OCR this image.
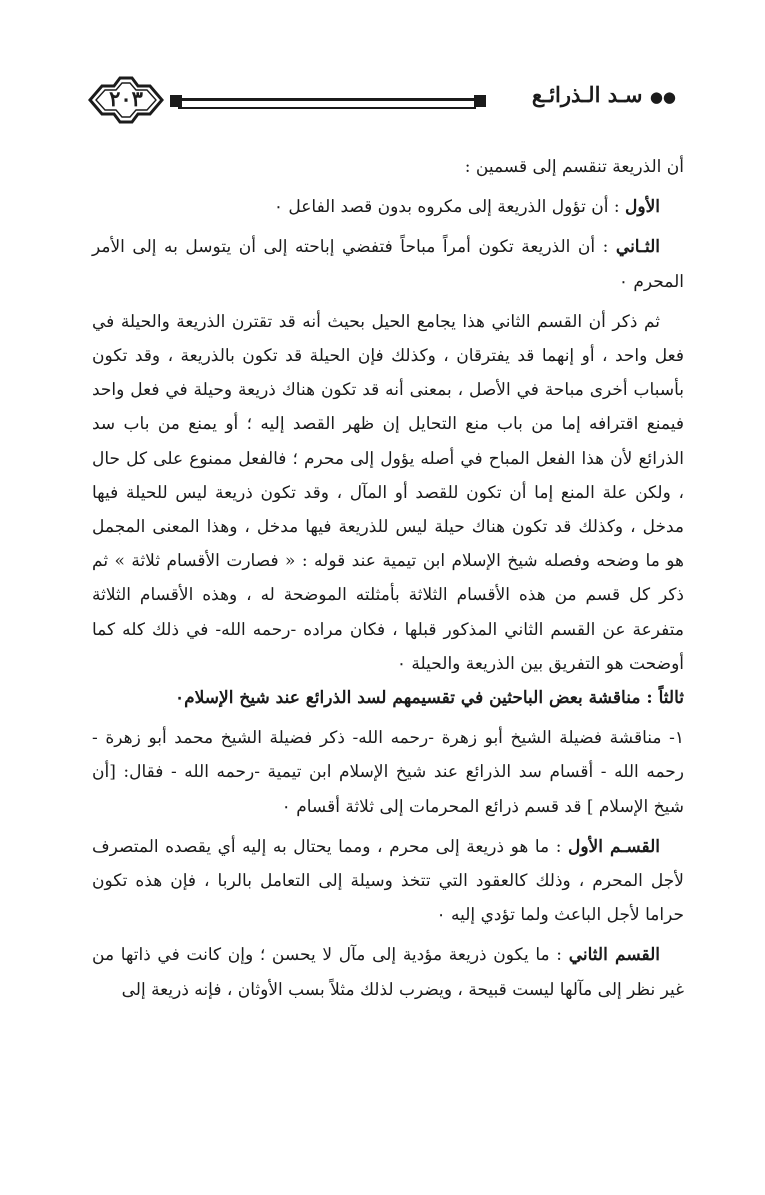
●● سـد الـذرائـع
٢٠٣

أن الذريعة تنقسم إلى قسمين :

الأول : أن تؤول الذريعة إلى مكروه بدون قصد الفاعل ٠

الثـاني : أن الذريعة تكون أمراً مباحاً فتفضي إباحته إلى أن يتوسل به إلى الأمر المحرم ٠

ثم ذكر أن القسم الثاني هذا يجامع الحيل بحيث أنه قد تقترن الذريعة والحيلة في فعل واحد ، أو إنهما قد يفترقان ، وكذلك فإن الحيلة قد تكون بالذريعة ، وقد تكون بأسباب أخرى مباحة في الأصل ، بمعنى أنه قد تكون هناك ذريعة وحيلة في فعل واحد فيمنع اقترافه إما من باب منع التحايل إن ظهر القصد إليه ؛ أو يمنع من باب سد الذرائع لأن هذا الفعل المباح في أصله يؤول إلى محرم ؛ فالفعل ممنوع على كل حال ، ولكن علة المنع إما أن تكون للقصد أو المآل ، وقد تكون ذريعة ليس للحيلة فيها مدخل ، وكذلك قد تكون هناك حيلة ليس للذريعة فيها مدخل ، وهذا المعنى المجمل هو ما وضحه وفصله شيخ الإسلام ابن تيمية عند قوله : « فصارت الأقسام ثلاثة » ثم ذكر كل قسم من هذه الأقسام الثلاثة بأمثلته الموضحة له ، وهذه الأقسام الثلاثة متفرعة عن القسم الثاني المذكور قبلها ، فكان مراده -رحمه الله- في ذلك كله كما أوضحت هو التفريق بين الذريعة والحيلة ٠

ثالثاً : مناقشة بعض الباحثين في تقسيمهم لسد الذرائع عند شيخ الإسلام٠

١- مناقشة فضيلة الشيخ أبو زهرة -رحمه الله- ذكر فضيلة الشيخ محمد أبو زهرة - رحمه الله - أقسام سد الذرائع عند شيخ الإسلام ابن تيمية -رحمه الله - فقال: [أن شيخ الإسلام ] قد قسم ذرائع المحرمات إلى ثلاثة أقسام ٠

القسـم الأول : ما هو ذريعة إلى محرم ، ومما يحتال به إليه أي يقصده المتصرف لأجل المحرم ، وذلك كالعقود التي تتخذ وسيلة إلى التعامل بالربا ، فإن هذه تكون حراما لأجل الباعث ولما تؤدي إليه ٠

القسم الثاني : ما يكون ذريعة مؤدية إلى مآل لا يحسن ؛ وإن كانت في ذاتها من غير نظر إلى مآلها ليست قبيحة ، ويضرب لذلك مثلاً بسب الأوثان ، فإنه ذريعة إلى
